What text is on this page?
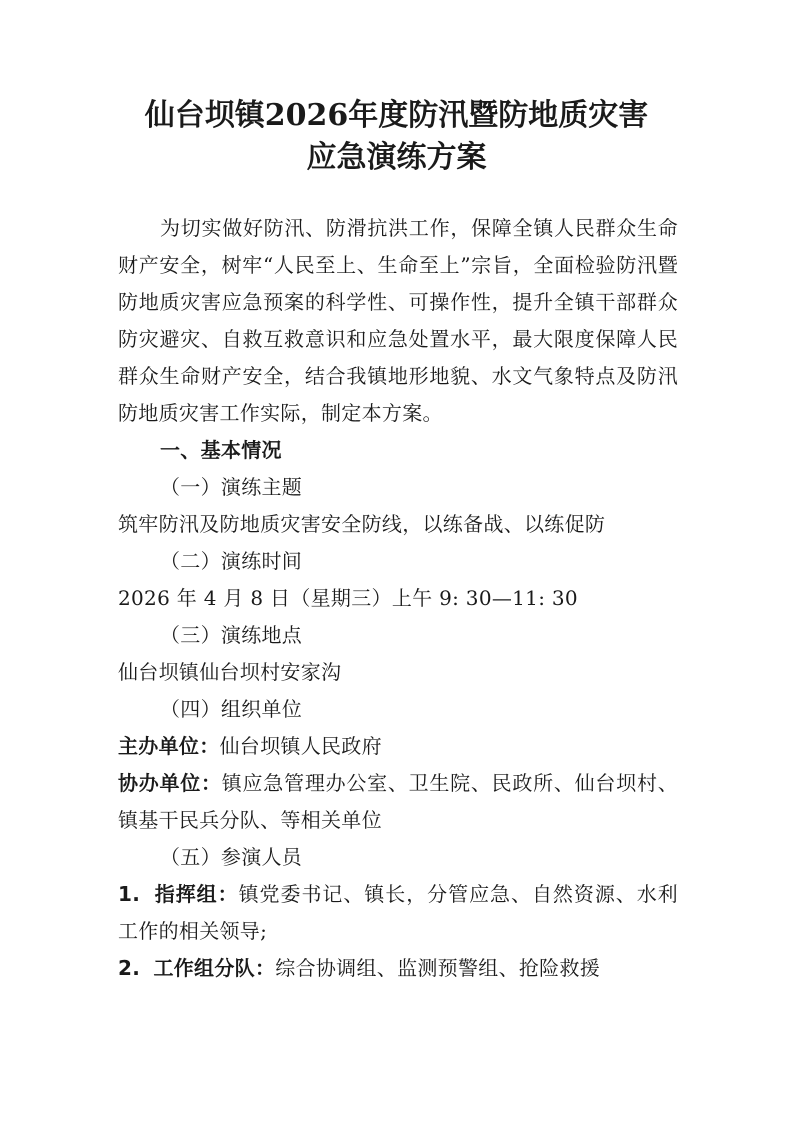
仙台坝镇2026年度防汛暨防地质灾害
应急演练方案

为切实做好防汛、防滑抗洪工作，保障全镇人民群众生命财产安全，树牢“人民至上、生命至上”宗旨，全面检验防汛暨防地质灾害应急预案的科学性、可操作性，提升全镇干部群众防灾避灾、自救互救意识和应急处置水平，最大限度保障人民群众生命财产安全，结合我镇地形地貌、水文气象特点及防汛防地质灾害工作实际，制定本方案。

一、基本情况

（一）演练主题

筑牢防汛及防地质灾害安全防线，以练备战、以练促防

（二）演练时间

2026 年 4 月 8 日（星期三）上午 9: 30—11: 30

（三）演练地点

仙台坝镇仙台坝村安家沟

（四）组织单位

主办单位：仙台坝镇人民政府

协办单位：镇应急管理办公室、卫生院、民政所、仙台坝村、镇基干民兵分队、等相关单位

（五）参演人员

1. 指挥组：镇党委书记、镇长，分管应急、自然资源、水利工作的相关领导;

2. 工作组分队：综合协调组、监测预警组、抢险救援
